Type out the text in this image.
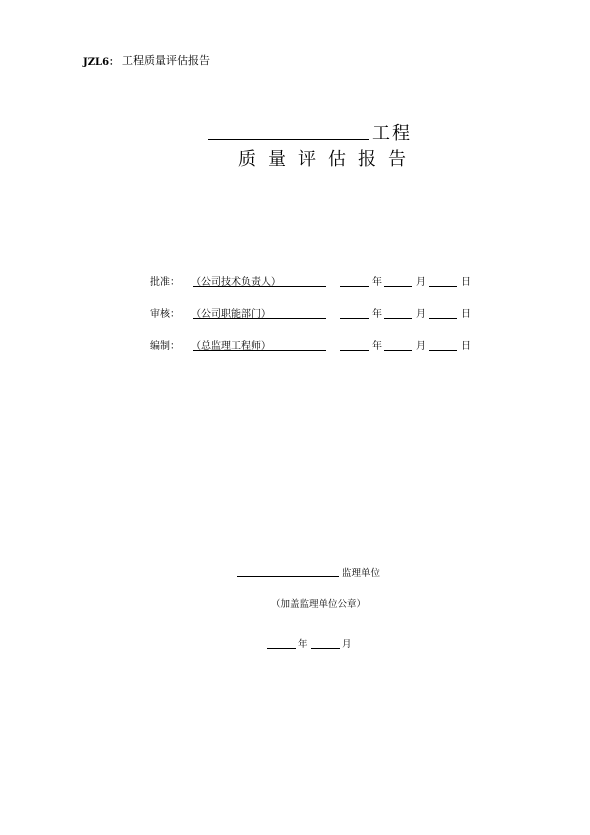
JZL6： 工程质量评估报告
工程
质量评估报告
批准： （公司技术负责人）	年	月	日
审核： （公司职能部门）	年	月	日
编制： （总监理工程师）	年	月	日
监理单位
（加盖监理单位公章）
年	月
